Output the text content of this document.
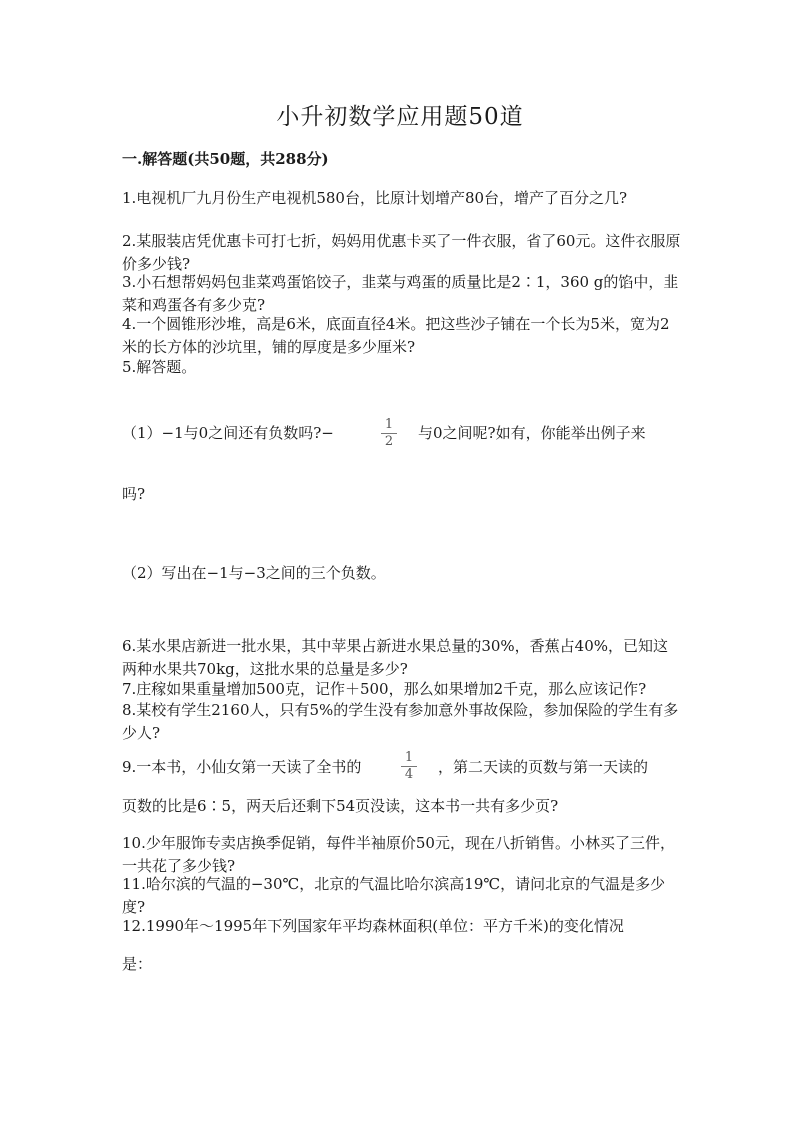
小升初数学应用题50道
一.解答题(共50题，共288分)
1.电视机厂九月份生产电视机580台，比原计划增产80台，增产了百分之几?
2.某服装店凭优惠卡可打七折，妈妈用优惠卡买了一件衣服，省了60元。这件衣服原价多少钱?
3.小石想帮妈妈包韭菜鸡蛋馅饺子，韭菜与鸡蛋的质量比是2∶1，360 g的馅中，韭菜和鸡蛋各有多少克?
4.一个圆锥形沙堆，高是6米，底面直径4米。把这些沙子铺在一个长为5米，宽为2米的长方体的沙坑里，铺的厚度是多少厘米?
5.解答题。
（1）−1与0之间还有负数吗?−	$\frac{1}{2}$ 与0之间呢?如有，你能举出例子来
吗?
（2）写出在−1与−3之间的三个负数。
6.某水果店新进一批水果，其中苹果占新进水果总量的30%，香蕉占40%，已知这两种水果共70kg，这批水果的总量是多少?
7.庄稼如果重量增加500克，记作＋500，那么如果增加2千克，那么应该记作?
8.某校有学生2160人，只有5%的学生没有参加意外事故保险，参加保险的学生有多少人?
9.一本书，小仙女第一天读了全书的	$\frac{1}{4}$ ，第二天读的页数与第一天读的
页数的比是6∶5，两天后还剩下54页没读，这本书一共有多少页?
10.少年服饰专卖店换季促销，每件半袖原价50元，现在八折销售。小林买了三件，一共花了多少钱?
11.哈尔滨的气温的−30℃，北京的气温比哈尔滨高19℃，请问北京的气温是多少度?
12.1990年～1995年下列国家年平均森林面积(单位：平方千米)的变化情况
是：
